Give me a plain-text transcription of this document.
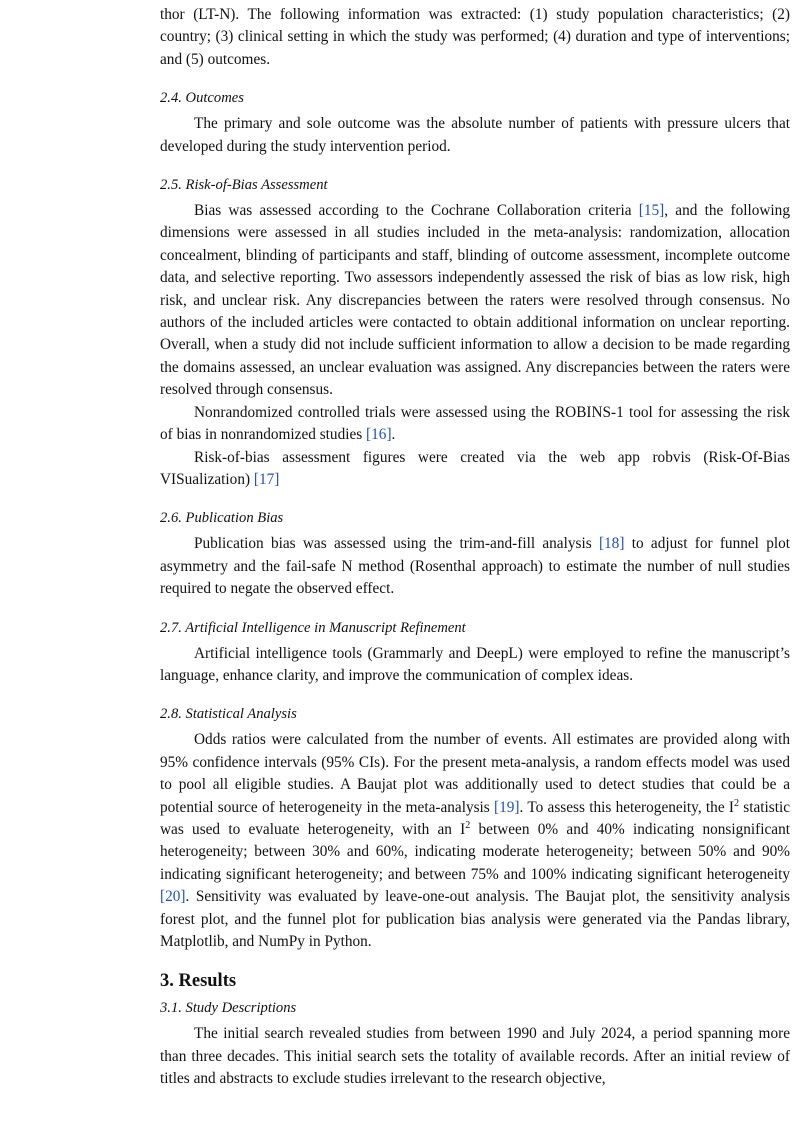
thor (LT-N). The following information was extracted: (1) study population characteristics; (2) country; (3) clinical setting in which the study was performed; (4) duration and type of interventions; and (5) outcomes.

2.4. Outcomes

The primary and sole outcome was the absolute number of patients with pressure ulcers that developed during the study intervention period.

2.5. Risk-of-Bias Assessment

Bias was assessed according to the Cochrane Collaboration criteria [15], and the following dimensions were assessed in all studies included in the meta-analysis: randomization, allocation concealment, blinding of participants and staff, blinding of outcome assessment, incomplete outcome data, and selective reporting. Two assessors independently assessed the risk of bias as low risk, high risk, and unclear risk. Any discrepancies between the raters were resolved through consensus. No authors of the included articles were contacted to obtain additional information on unclear reporting. Overall, when a study did not include sufficient information to allow a decision to be made regarding the domains assessed, an unclear evaluation was assigned. Any discrepancies between the raters were resolved through consensus.

Nonrandomized controlled trials were assessed using the ROBINS-1 tool for assessing the risk of bias in nonrandomized studies [16].

Risk-of-bias assessment figures were created via the web app robvis (Risk-Of-Bias VISualization) [17]

2.6. Publication Bias

Publication bias was assessed using the trim-and-fill analysis [18] to adjust for funnel plot asymmetry and the fail-safe N method (Rosenthal approach) to estimate the number of null studies required to negate the observed effect.

2.7. Artificial Intelligence in Manuscript Refinement

Artificial intelligence tools (Grammarly and DeepL) were employed to refine the manuscript’s language, enhance clarity, and improve the communication of complex ideas.

2.8. Statistical Analysis

Odds ratios were calculated from the number of events. All estimates are provided along with 95% confidence intervals (95% CIs). For the present meta-analysis, a random effects model was used to pool all eligible studies. A Baujat plot was additionally used to detect studies that could be a potential source of heterogeneity in the meta-analysis [19]. To assess this heterogeneity, the $I^2$ statistic was used to evaluate heterogeneity, with an $I^2$ between 0% and 40% indicating nonsignificant heterogeneity; between 30% and 60%, indicating moderate heterogeneity; between 50% and 90% indicating significant heterogeneity; and between 75% and 100% indicating significant heterogeneity [20]. Sensitivity was evaluated by leave-one-out analysis. The Baujat plot, the sensitivity analysis forest plot, and the funnel plot for publication bias analysis were generated via the Pandas library, Matplotlib, and NumPy in Python.

3. Results
3.1. Study Descriptions

The initial search revealed studies from between 1990 and July 2024, a period spanning more than three decades. This initial search sets the totality of available records. After an initial review of titles and abstracts to exclude studies irrelevant to the research objective,
